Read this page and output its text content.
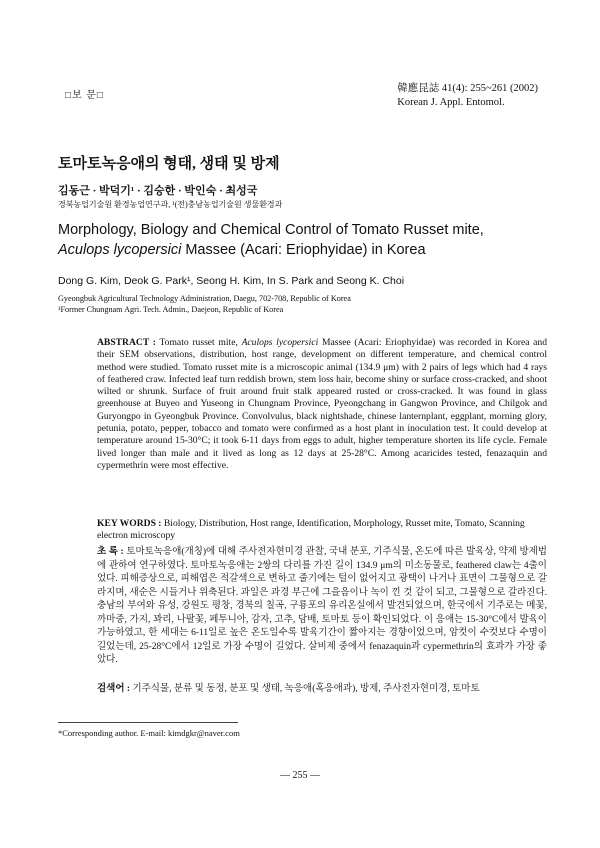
□보 문□
韓應昆誌 41(4): 255~261 (2002)
Korean J. Appl. Entomol.
토마토녹응애의 형태, 생태 및 방제
김동근 · 박덕기¹ · 김승한 · 박인숙 · 최성국
경북농업기술원 환경농업연구과, ¹(전)충남농업기술원 생물환경과
Morphology, Biology and Chemical Control of Tomato Russet mite,
Aculops lycopersici Massee (Acari: Eriophyidae) in Korea
Dong G. Kim, Deok G. Park¹, Seong H. Kim, In S. Park and Seong K. Choi
Gyeongbuk Agricultural Technology Administration, Daegu, 702-708, Republic of Korea
¹Former Chungnam Agri. Tech. Admin., Daejeon, Republic of Korea
ABSTRACT : Tomato russet mite, Aculops lycopersici Massee (Acari: Eriophyidae) was recorded in Korea and their SEM observations, distribution, host range, development on different temperature, and chemical control method were studied. Tomato russet mite is a microscopic animal (134.9 μm) with 2 pairs of legs which had 4 rays of feathered craw. Infected leaf turn reddish brown, stem loss hair, become shiny or surface cross-cracked, and shoot wilted or shrunk. Surface of fruit around fruit stalk appeared rusted or cross-cracked. It was found in glass greenhouse at Buyeo and Yuseong in Chungnam Province, Pyeongchang in Gangwon Province, and Chilgok and Guryongpo in Gyeongbuk Province. Convolvulus, black nightshade, chinese lanternplant, eggplant, morning glory, petunia, potato, pepper, tobacco and tomato were confirmed as a host plant in inoculation test. It could develop at temperature around 15-30°C; it took 6-11 days from eggs to adult, higher temperature shorten its life cycle. Female lived longer than male and it lived as long as 12 days at 25-28°C. Among acaricides tested, fenazaquin and cypermethrin were most effective.
KEY WORDS : Biology, Distribution, Host range, Identification, Morphology, Russet mite, Tomato, Scanning electron microscopy
초 록 : 토마토녹응애(개칭)에 대해 주사전자현미경 관찰, 국내 분포, 기주식물, 온도에 따른 발육상, 약제 방제법에 관하여 연구하였다. 토마토녹응애는 2쌍의 다리를 가진 길이 134.9 μm의 미소동물로, feathered claw는 4출이었다. 피해증상으로, 피해엽은 적갈색으로 변하고 줄기에는 털이 없어지고 광택이 나거나 표면이 그물형으로 갈라지며, 새순은 시들거나 위축된다. 과일은 과경 부근에 그을음이나 녹이 낀 것 같이 되고, 그물형으로 갈라진다. 충남의 부여와 유성, 강원도 평창, 경북의 칠곡, 구룡포의 유리온실에서 발견되었으며, 한국에서 기주로는 메꽃, 까마중, 가지, 꽈리, 나팔꽃, 페투니아, 감자, 고추, 담배, 토마토 등이 확인되었다. 이 응애는 15-30°C에서 발육이 가능하였고, 한 세대는 6-11일로 높은 온도일수록 발육기간이 짧아지는 경향이었으며, 암컷이 수컷보다 수명이 길었는데, 25-28°C에서 12일로 가장 수명이 길었다. 살비제 중에서 fenazaquin과 cypermethrin의 효과가 가장 좋았다.
검색어 : 기주식물, 분류 및 동정, 분포 및 생태, 녹응애(혹응애과), 방제, 주사전자현미경, 토마토
*Corresponding author. E-mail: kimdgkr@naver.com
— 255 —
